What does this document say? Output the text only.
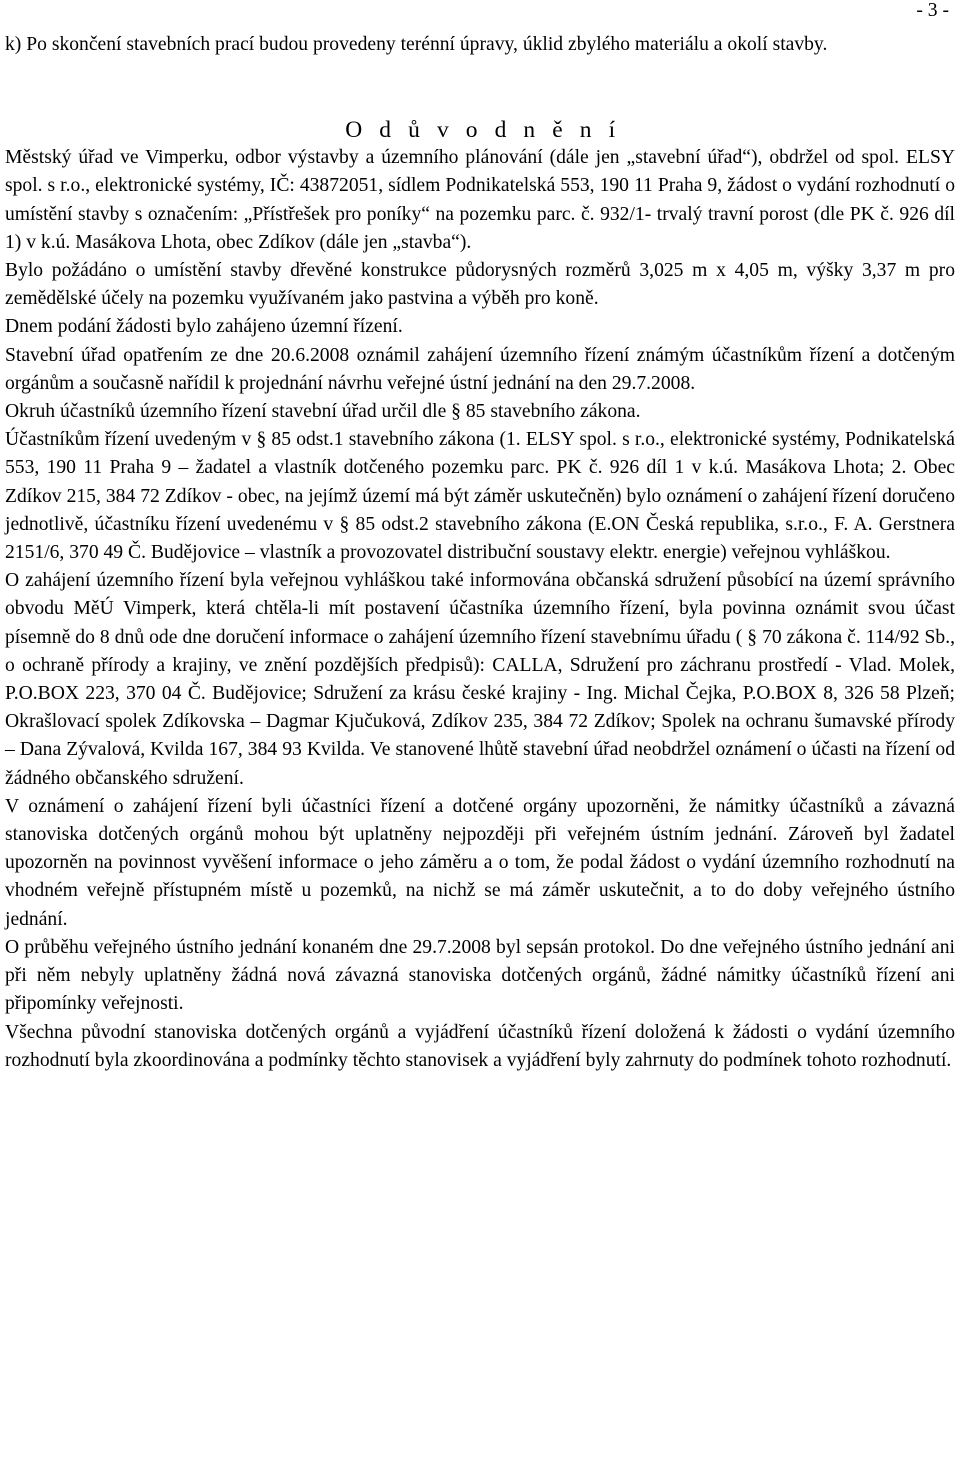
- 3 -

k) Po skončení stavebních prací budou provedeny terénní úpravy, úklid zbylého materiálu a okolí stavby.

O d ů v o d n ě n í

Městský úřad ve Vimperku, odbor výstavby a územního plánování (dále jen „stavební úřad“), obdržel od spol. ELSY spol. s r.o., elektronické systémy, IČ: 43872051, sídlem Podnikatelská 553, 190 11 Praha 9, žádost o vydání rozhodnutí o umístění stavby s označením: „Přístřešek pro poníky“ na pozemku parc. č. 932/1- trvalý travní porost (dle PK č. 926 díl 1) v k.ú. Masákova Lhota, obec Zdíkov (dále jen „stavba“).

Bylo požádáno o umístění stavby dřevěné konstrukce půdorysných rozměrů 3,025 m x 4,05 m, výšky 3,37 m pro zemědělské účely na pozemku využívaném jako pastvina a výběh pro koně.

Dnem podání žádosti bylo zahájeno územní řízení.

Stavební úřad opatřením ze dne 20.6.2008 oznámil zahájení územního řízení známým účastníkům řízení a dotčeným orgánům a současně nařídil k projednání návrhu veřejné ústní jednání na den 29.7.2008.

Okruh účastníků územního řízení stavební úřad určil dle § 85 stavebního zákona.

Účastníkům řízení uvedeným v § 85 odst.1 stavebního zákona (1. ELSY spol. s r.o., elektronické systémy, Podnikatelská 553, 190 11 Praha 9 – žadatel a vlastník dotčeného pozemku parc. PK č. 926 díl 1 v k.ú. Masákova Lhota; 2. Obec Zdíkov 215, 384 72 Zdíkov - obec, na jejímž území má být záměr uskutečněn) bylo oznámení o zahájení řízení doručeno jednotlivě, účastníku řízení uvedenému v § 85 odst.2 stavebního zákona (E.ON Česká republika, s.r.o., F. A. Gerstnera 2151/6, 370 49 Č. Budějovice – vlastník a provozovatel distribuční soustavy elektr. energie) veřejnou vyhláškou.

O zahájení územního řízení byla veřejnou vyhláškou také informována občanská sdružení působící na území správního obvodu MěÚ Vimperk, která chtěla-li mít postavení účastníka územního řízení, byla povinna oznámit svou účast písemně do 8 dnů ode dne doručení informace o zahájení územního řízení stavebnímu úřadu ( § 70 zákona č. 114/92 Sb., o ochraně přírody a krajiny, ve znění pozdějších předpisů): CALLA, Sdružení pro záchranu prostředí - Vlad. Molek, P.O.BOX 223, 370 04 Č. Budějovice; Sdružení za krásu české krajiny - Ing. Michal Čejka, P.O.BOX 8, 326 58 Plzeň; Okrašlovací spolek Zdíkovska – Dagmar Kjučuková, Zdíkov 235, 384 72 Zdíkov; Spolek na ochranu šumavské přírody – Dana Zývalová, Kvilda 167, 384 93 Kvilda. Ve stanovené lhůtě stavební úřad neobdržel oznámení o účasti na řízení od žádného občanského sdružení.

V oznámení o zahájení řízení byli účastníci řízení a dotčené orgány upozorněni, že námitky účastníků a závazná stanoviska dotčených orgánů mohou být uplatněny nejpozději při veřejném ústním jednání. Zároveň byl žadatel upozorněn na povinnost vyvěšení informace o jeho záměru a o tom, že podal žádost o vydání územního rozhodnutí na vhodném veřejně přístupném místě u pozemků, na nichž se má záměr uskutečnit, a to do doby veřejného ústního jednání.

O průběhu veřejného ústního jednání konaném dne 29.7.2008 byl sepsán protokol. Do dne veřejného ústního jednání ani při něm nebyly uplatněny žádná nová závazná stanoviska dotčených orgánů, žádné námitky účastníků řízení ani připomínky veřejnosti.

Všechna původní stanoviska dotčených orgánů a vyjádření účastníků řízení doložená k žádosti o vydání územního rozhodnutí byla zkoordinována a podmínky těchto stanovisek a vyjádření byly zahrnuty do podmínek tohoto rozhodnutí.
